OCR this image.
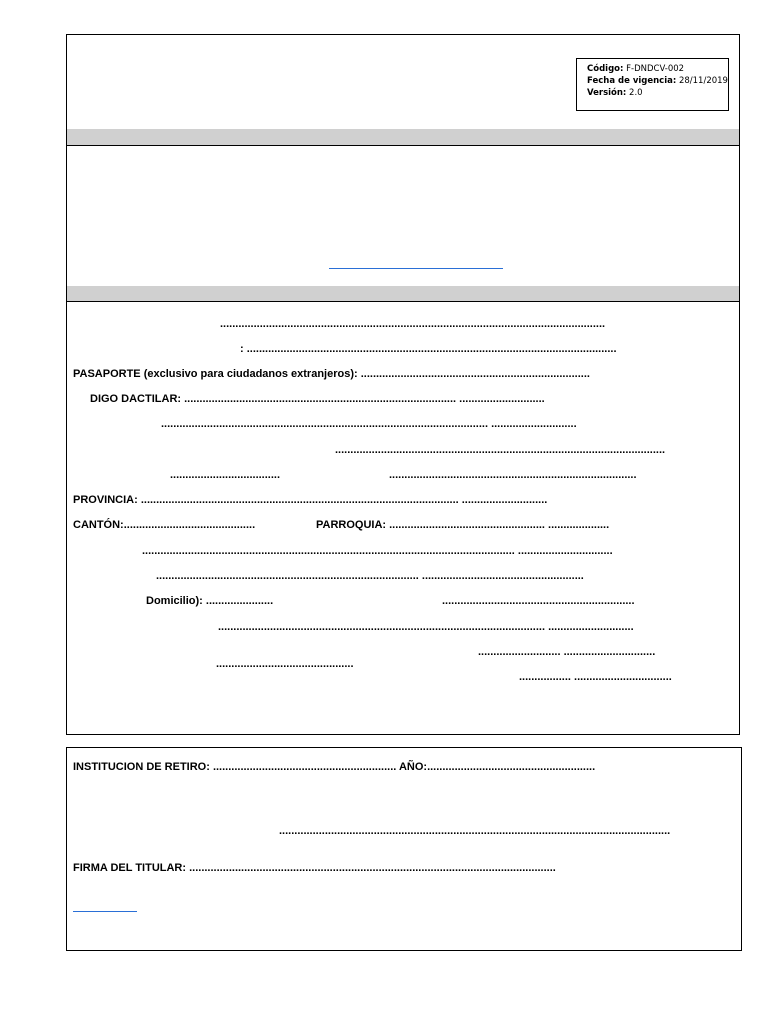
Código: F-DNDCV-002
Fecha de vigencia: 28/11/2019
Versión: 2.0
..............................................................................................................................
: .........................................................................................................................
PASAPORTE (exclusivo para ciudadanos extranjeros): ...........................................................................
DIGO DACTILAR: ......................................................................................... ............................
........................................................................................................... ............................
............................................................................................................
....................................	.................................................................................
PROVINCIA: ........................................................................................................ ............................
CANTÓN:...........................................	PARROQUIA: ................................................... ....................
.......................................................................................................................... ...............................
...................................................................................... .....................................................
Domicilio): ......................	...............................................................
........................................................................................................... ............................
........................... ..............................
.............................................
................. ................................
INSTITUCION DE RETIRO: ............................................................ AÑO:.......................................................
................................................................................................................................
FIRMA DEL TITULAR: ........................................................................................................................
